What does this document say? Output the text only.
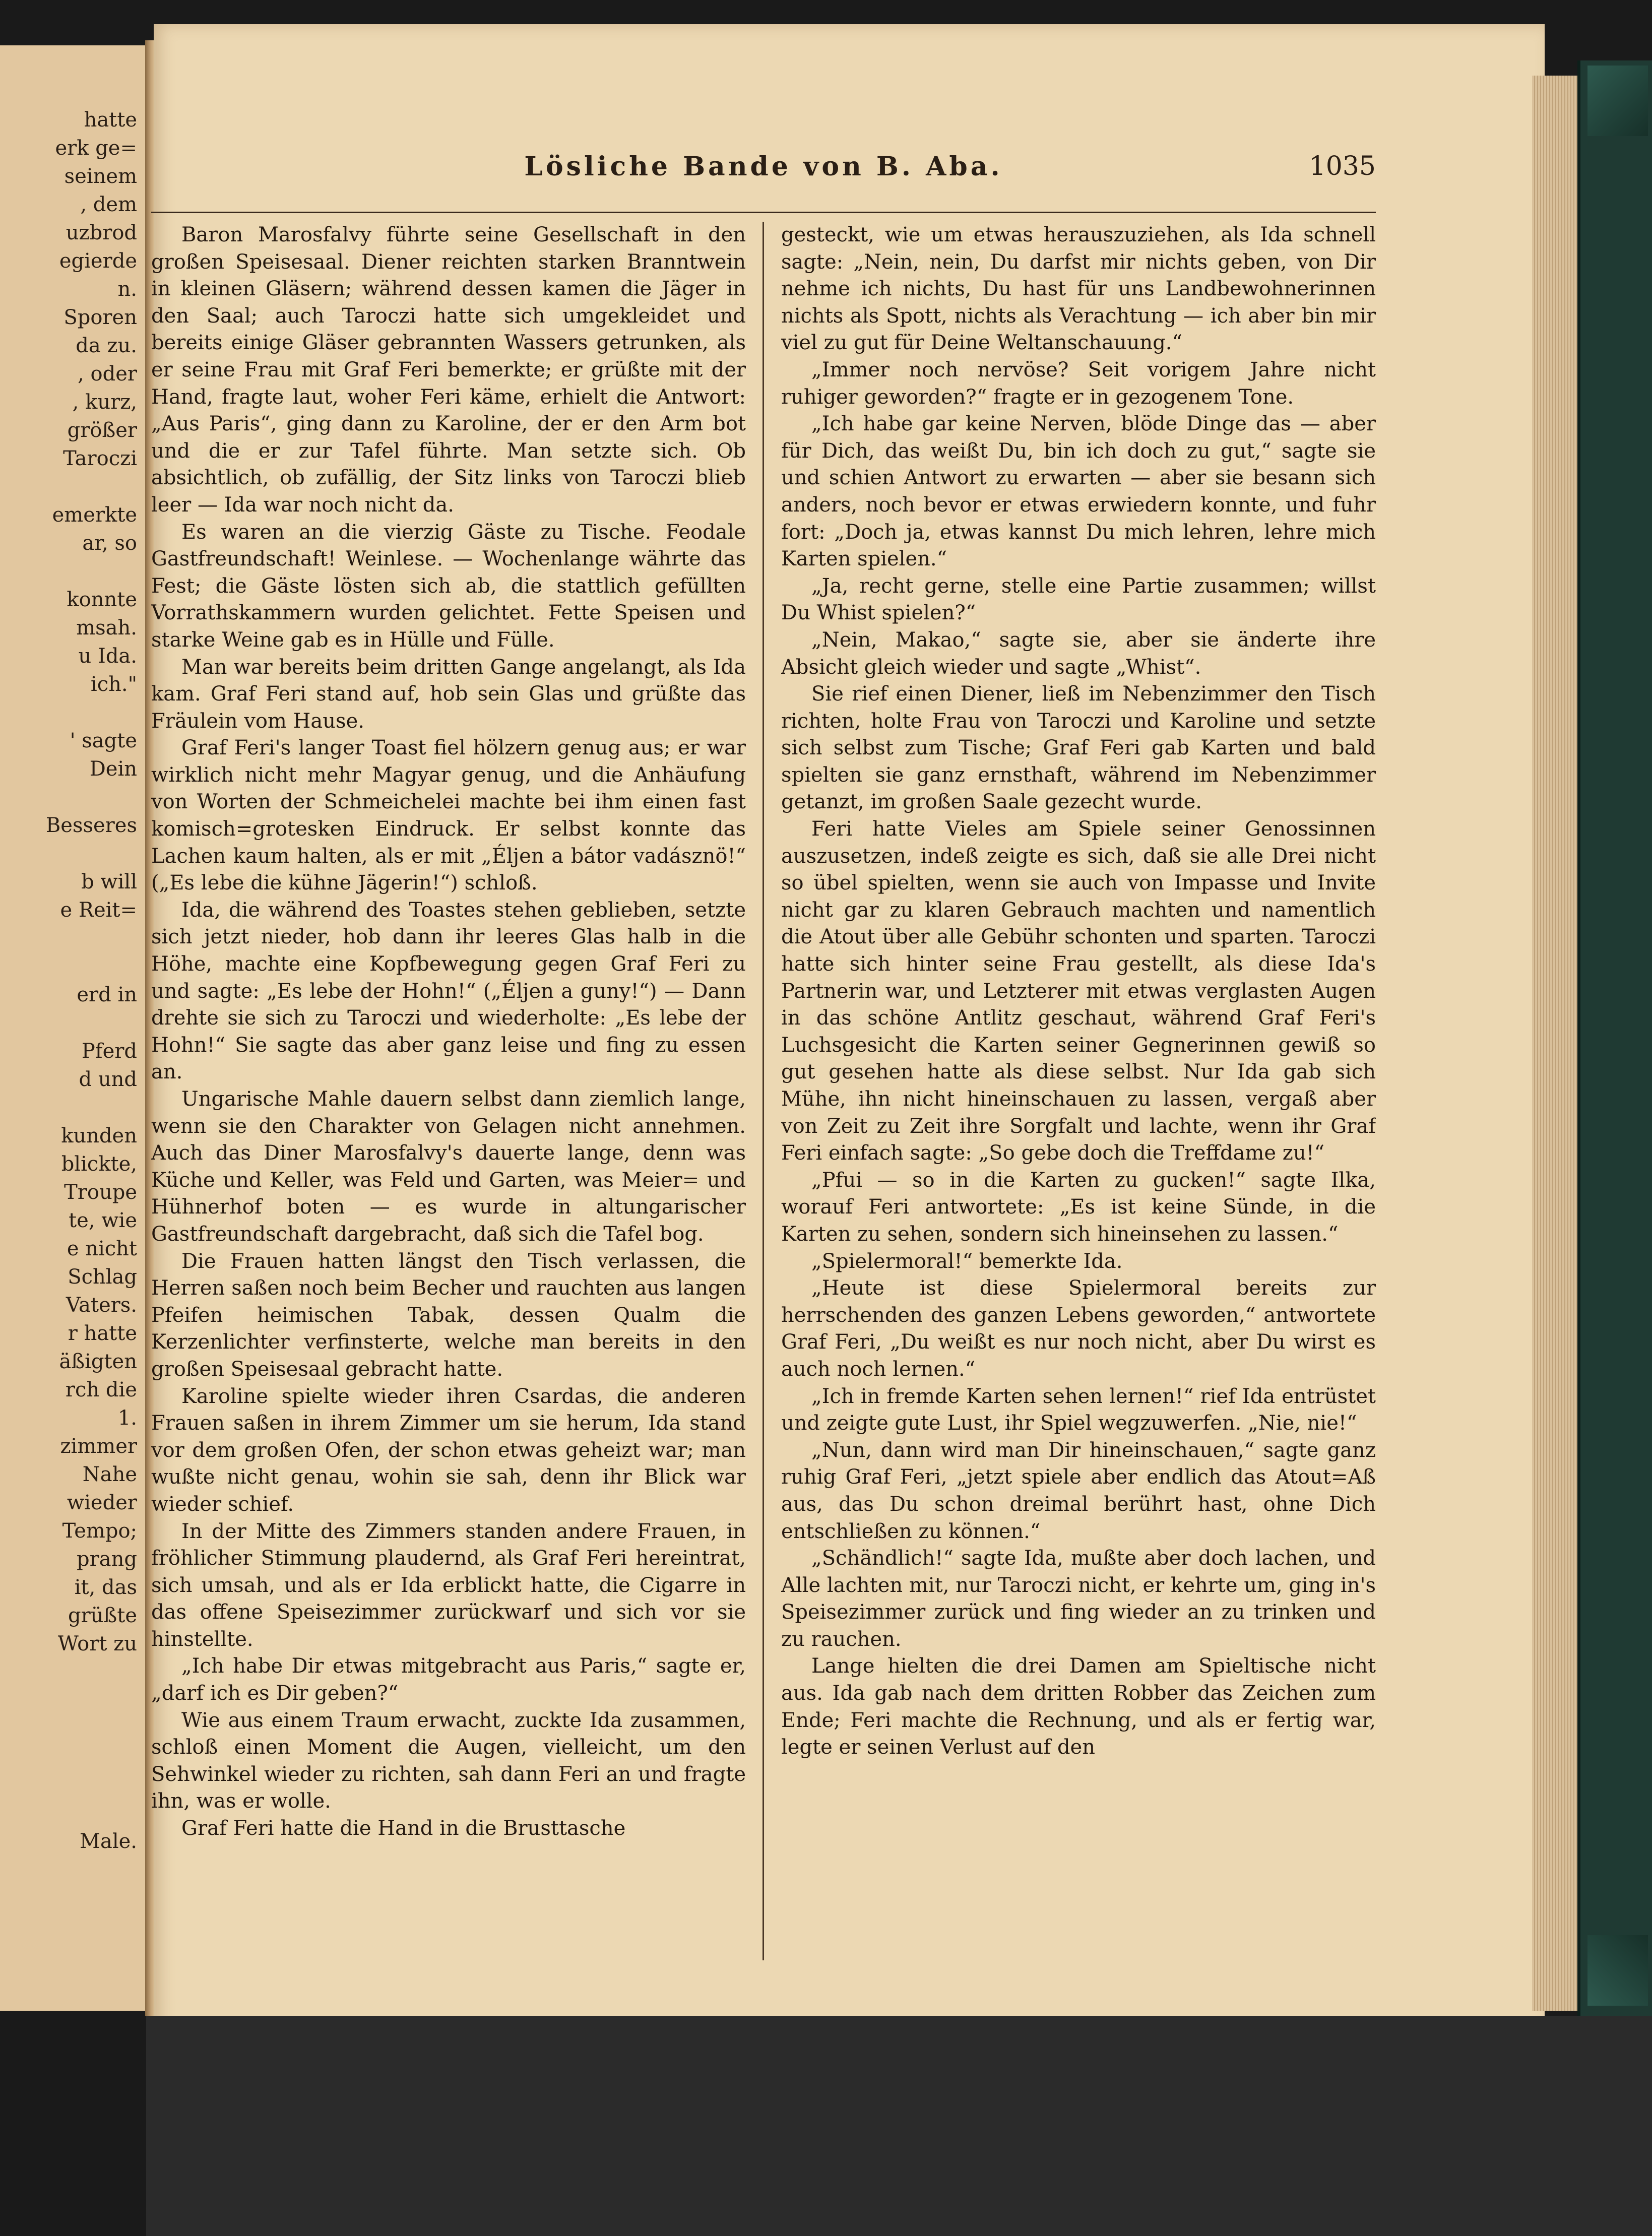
hatte
erk ge=
seinem
, dem
uzbrod
egierde
n.
Sporen
da zu.
, oder
, kurz,
größer
Taroczi
emerkte
ar, so
konnte
msah.
u Ida.
ich."
' sagte
Dein
Besseres
b will
e Reit=
erd in
Pferd
d und
kunden
blickte,
Troupe
te, wie
e nicht
Schlag
Vaters.
r hatte
äßigten
rch die
1.
zimmer
Nahe
wieder
Tempo;
prang
it, das
grüßte
Wort zu
Male.
Lösliche Bande von B. Aba.	1035

Baron Marosfalvy führte seine Gesellschaft in den großen Speisesaal. Diener reichten starken Branntwein in kleinen Gläsern; während dessen kamen die Jäger in den Saal; auch Taroczi hatte sich umgekleidet und bereits einige Gläser gebrannten Wassers getrunken, als er seine Frau mit Graf Feri bemerkte; er grüßte mit der Hand, fragte laut, woher Feri käme, erhielt die Antwort: „Aus Paris“, ging dann zu Karoline, der er den Arm bot und die er zur Tafel führte. Man setzte sich. Ob absichtlich, ob zufällig, der Sitz links von Taroczi blieb leer — Ida war noch nicht da.

Es waren an die vierzig Gäste zu Tische. Feodale Gastfreundschaft! Weinlese. — Wochenlange währte das Fest; die Gäste lösten sich ab, die stattlich gefüllten Vorrathskammern wurden gelichtet. Fette Speisen und starke Weine gab es in Hülle und Fülle.

Man war bereits beim dritten Gange angelangt, als Ida kam. Graf Feri stand auf, hob sein Glas und grüßte das Fräulein vom Hause.

Graf Feri's langer Toast fiel hölzern genug aus; er war wirklich nicht mehr Magyar genug, und die Anhäufung von Worten der Schmeichelei machte bei ihm einen fast komisch=grotesken Eindruck. Er selbst konnte das Lachen kaum halten, als er mit „Éljen a bátor vadásznö!“ („Es lebe die kühne Jägerin!“) schloß.

Ida, die während des Toastes stehen geblieben, setzte sich jetzt nieder, hob dann ihr leeres Glas halb in die Höhe, machte eine Kopfbewegung gegen Graf Feri zu und sagte: „Es lebe der Hohn!“ („Éljen a guny!“) — Dann drehte sie sich zu Taroczi und wiederholte: „Es lebe der Hohn!“ Sie sagte das aber ganz leise und fing zu essen an.

Ungarische Mahle dauern selbst dann ziemlich lange, wenn sie den Charakter von Gelagen nicht annehmen. Auch das Diner Marosfalvy's dauerte lange, denn was Küche und Keller, was Feld und Garten, was Meier= und Hühnerhof boten — es wurde in altungarischer Gastfreundschaft dargebracht, daß sich die Tafel bog.

Die Frauen hatten längst den Tisch verlassen, die Herren saßen noch beim Becher und rauchten aus langen Pfeifen heimischen Tabak, dessen Qualm die Kerzenlichter verfinsterte, welche man bereits in den großen Speisesaal gebracht hatte.

Karoline spielte wieder ihren Csardas, die anderen Frauen saßen in ihrem Zimmer um sie herum, Ida stand vor dem großen Ofen, der schon etwas geheizt war; man wußte nicht genau, wohin sie sah, denn ihr Blick war wieder schief.

In der Mitte des Zimmers standen andere Frauen, in fröhlicher Stimmung plaudernd, als Graf Feri hereintrat, sich umsah, und als er Ida erblickt hatte, die Cigarre in das offene Speisezimmer zurückwarf und sich vor sie hinstellte.

„Ich habe Dir etwas mitgebracht aus Paris,“ sagte er, „darf ich es Dir geben?“

Wie aus einem Traum erwacht, zuckte Ida zusammen, schloß einen Moment die Augen, vielleicht, um den Sehwinkel wieder zu richten, sah dann Feri an und fragte ihn, was er wolle.

Graf Feri hatte die Hand in die Brusttasche

gesteckt, wie um etwas herauszuziehen, als Ida schnell sagte: „Nein, nein, Du darfst mir nichts geben, von Dir nehme ich nichts, Du hast für uns Landbewohnerinnen nichts als Spott, nichts als Verachtung — ich aber bin mir viel zu gut für Deine Weltanschauung.“

„Immer noch nervöse? Seit vorigem Jahre nicht ruhiger geworden?“ fragte er in gezogenem Tone.

„Ich habe gar keine Nerven, blöde Dinge das — aber für Dich, das weißt Du, bin ich doch zu gut,“ sagte sie und schien Antwort zu erwarten — aber sie besann sich anders, noch bevor er etwas erwiedern konnte, und fuhr fort: „Doch ja, etwas kannst Du mich lehren, lehre mich Karten spielen.“

„Ja, recht gerne, stelle eine Partie zusammen; willst Du Whist spielen?“

„Nein, Makao,“ sagte sie, aber sie änderte ihre Absicht gleich wieder und sagte „Whist“.

Sie rief einen Diener, ließ im Nebenzimmer den Tisch richten, holte Frau von Taroczi und Karoline und setzte sich selbst zum Tische; Graf Feri gab Karten und bald spielten sie ganz ernsthaft, während im Nebenzimmer getanzt, im großen Saale gezecht wurde.

Feri hatte Vieles am Spiele seiner Genossinnen auszusetzen, indeß zeigte es sich, daß sie alle Drei nicht so übel spielten, wenn sie auch von Impasse und Invite nicht gar zu klaren Gebrauch machten und namentlich die Atout über alle Gebühr schonten und sparten. Taroczi hatte sich hinter seine Frau gestellt, als diese Ida's Partnerin war, und Letzterer mit etwas verglasten Augen in das schöne Antlitz geschaut, während Graf Feri's Luchsgesicht die Karten seiner Gegnerinnen gewiß so gut gesehen hatte als diese selbst. Nur Ida gab sich Mühe, ihn nicht hineinschauen zu lassen, vergaß aber von Zeit zu Zeit ihre Sorgfalt und lachte, wenn ihr Graf Feri einfach sagte: „So gebe doch die Treffdame zu!“

„Pfui — so in die Karten zu gucken!“ sagte Ilka, worauf Feri antwortete: „Es ist keine Sünde, in die Karten zu sehen, sondern sich hineinsehen zu lassen.“

„Spielermoral!“ bemerkte Ida.

„Heute ist diese Spielermoral bereits zur herrschenden des ganzen Lebens geworden,“ antwortete Graf Feri, „Du weißt es nur noch nicht, aber Du wirst es auch noch lernen.“

„Ich in fremde Karten sehen lernen!“ rief Ida entrüstet und zeigte gute Lust, ihr Spiel wegzuwerfen. „Nie, nie!“

„Nun, dann wird man Dir hineinschauen,“ sagte ganz ruhig Graf Feri, „jetzt spiele aber endlich das Atout=Aß aus, das Du schon dreimal berührt hast, ohne Dich entschließen zu können.“

„Schändlich!“ sagte Ida, mußte aber doch lachen, und Alle lachten mit, nur Taroczi nicht, er kehrte um, ging in's Speisezimmer zurück und fing wieder an zu trinken und zu rauchen.

Lange hielten die drei Damen am Spieltische nicht aus. Ida gab nach dem dritten Robber das Zeichen zum Ende; Feri machte die Rechnung, und als er fertig war, legte er seinen Verlust auf den
